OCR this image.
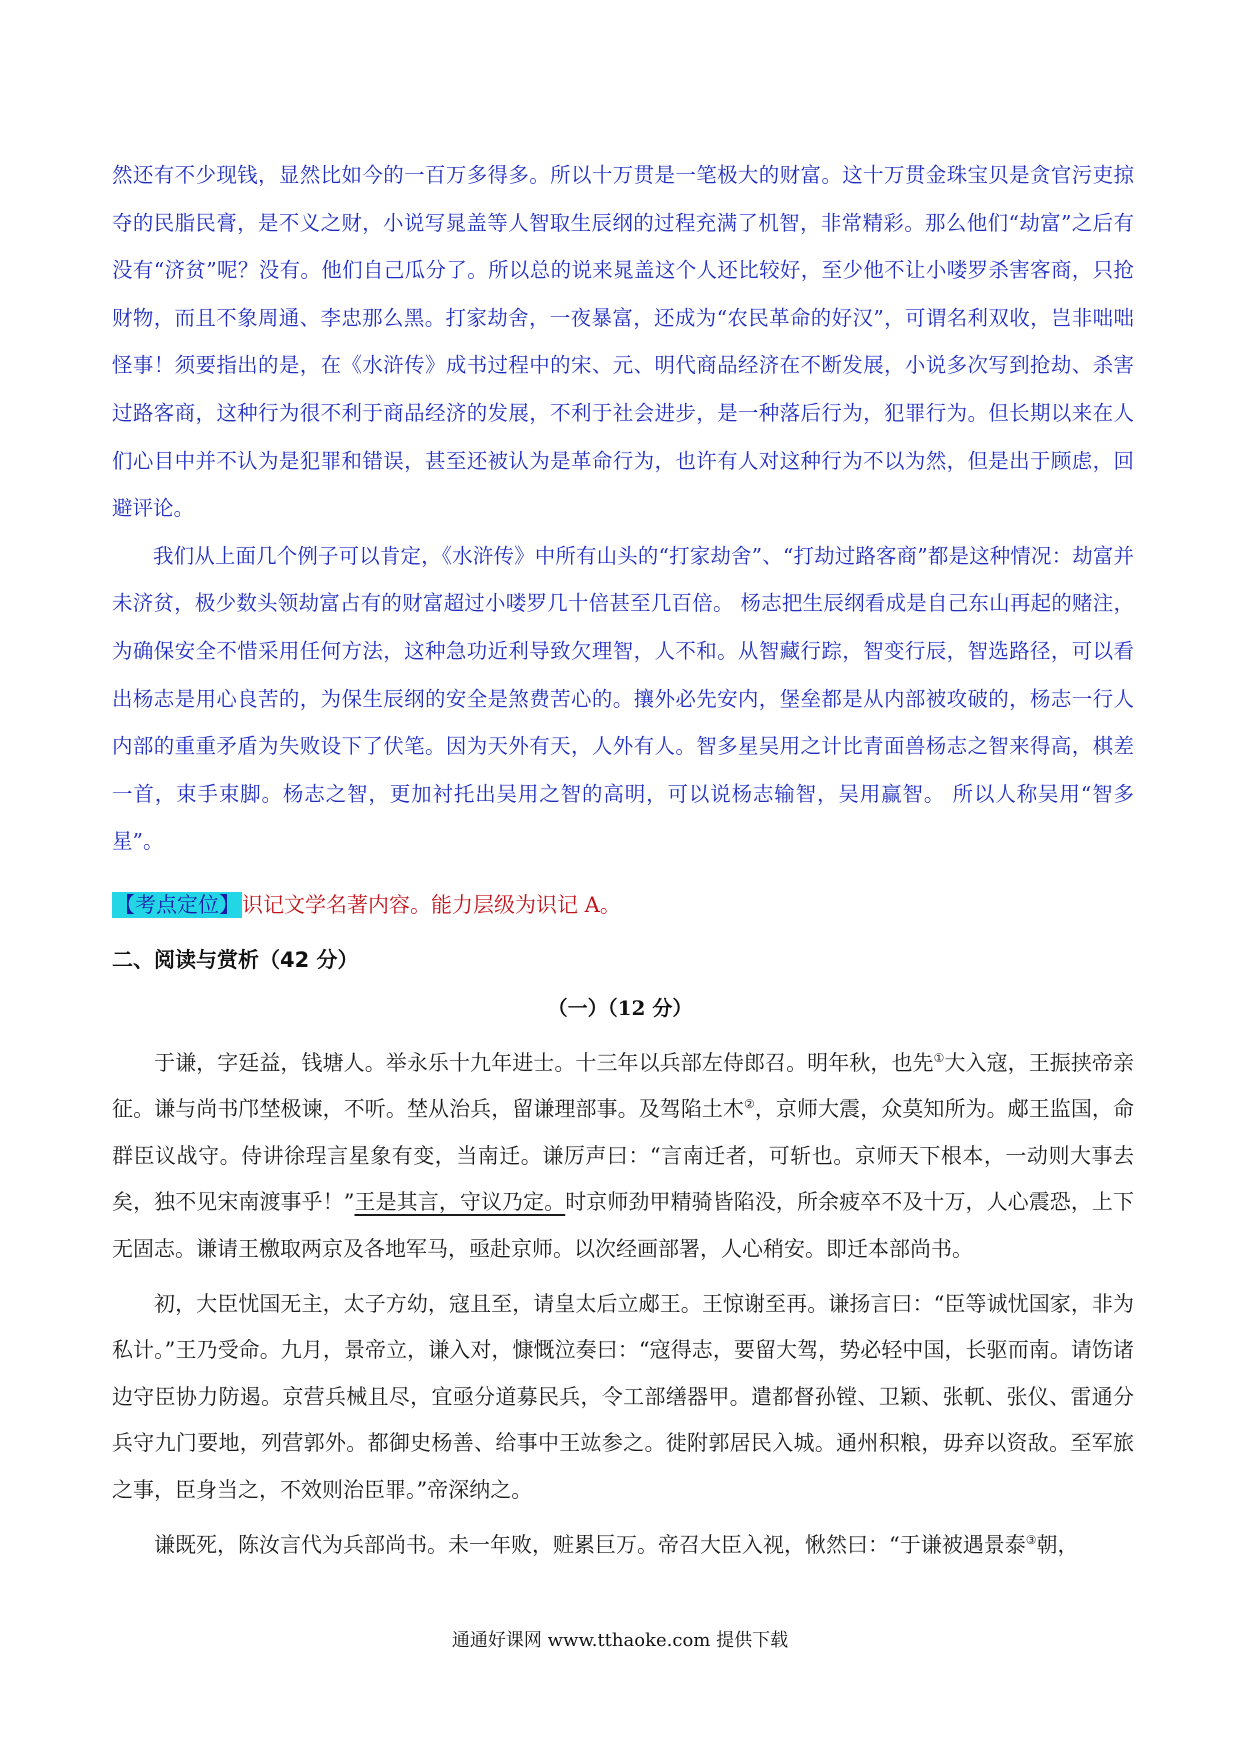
然还有不少现钱，显然比如今的一百万多得多。所以十万贯是一笔极大的财富。这十万贯金珠宝贝是贪官污吏掠夺的民脂民膏，是不义之财，小说写晁盖等人智取生辰纲的过程充满了机智，非常精彩。那么他们“劫富”之后有没有“济贫”呢？没有。他们自己瓜分了。所以总的说来晁盖这个人还比较好，至少他不让小喽罗杀害客商，只抢财物，而且不象周通、李忠那么黑。打家劫舍，一夜暴富，还成为“农民革命的好汉”，可谓名利双收，岂非咄咄怪事！须要指出的是，在《水浒传》成书过程中的宋、元、明代商品经济在不断发展，小说多次写到抢劫、杀害过路客商，这种行为很不利于商品经济的发展，不利于社会进步，是一种落后行为，犯罪行为。但长期以来在人们心目中并不认为是犯罪和错误，甚至还被认为是革命行为，也许有人对这种行为不以为然，但是出于顾虑，回避评论。

我们从上面几个例子可以肯定，《水浒传》中所有山头的“打家劫舍”、“打劫过路客商”都是这种情况：劫富并未济贫，极少数头领劫富占有的财富超过小喽罗几十倍甚至几百倍。 杨志把生辰纲看成是自己东山再起的赌注，为确保安全不惜采用任何方法，这种急功近利导致欠理智，人不和。从智藏行踪，智变行辰，智选路径，可以看出杨志是用心良苦的，为保生辰纲的安全是煞费苦心的。攘外必先安内，堡垒都是从内部被攻破的，杨志一行人内部的重重矛盾为失败设下了伏笔。因为天外有天，人外有人。智多星吴用之计比青面兽杨志之智来得高，棋差一首，束手束脚。杨志之智，更加衬托出吴用之智的高明，可以说杨志输智，吴用赢智。 所以人称吴用“智多星”。

【考点定位】识记文学名著内容。能力层级为识记 A。
二、阅读与赏析（42 分）
（一）（12 分）

于谦，字廷益，钱塘人。举永乐十九年进士。十三年以兵部左侍郎召。明年秋，也先①大入寇，王振挟帝亲征。谦与尚书邝埜极谏，不听。埜从治兵，留谦理部事。及驾陷土木②，京师大震，众莫知所为。郕王监国，命群臣议战守。侍讲徐珵言星象有变，当南迁。谦厉声曰：“言南迁者，可斩也。京师天下根本，一动则大事去矣，独不见宋南渡事乎！”王是其言，守议乃定。时京师劲甲精骑皆陷没，所余疲卒不及十万，人心震恐，上下无固志。谦请王檄取两京及各地军马，亟赴京师。以次经画部署，人心稍安。即迁本部尚书。

初，大臣忧国无主，太子方幼，寇且至，请皇太后立郕王。王惊谢至再。谦扬言曰：“臣等诚忧国家，非为私计。”王乃受命。九月，景帝立，谦入对，慷慨泣奏曰：“寇得志，要留大驾，势必轻中国，长驱而南。请饬诸边守臣协力防遏。京营兵械且尽，宜亟分道募民兵，令工部缮器甲。遣都督孙镗、卫颖、张軏、张仪、雷通分兵守九门要地，列营郭外。都御史杨善、给事中王竑参之。徙附郭居民入城。通州积粮，毋弃以资敌。至军旅之事，臣身当之，不效则治臣罪。”帝深纳之。

谦既死，陈汝言代为兵部尚书。未一年败，赃累巨万。帝召大臣入视，愀然曰：“于谦被遇景泰③朝，

通通好课网 www.tthaoke.com 提供下载
